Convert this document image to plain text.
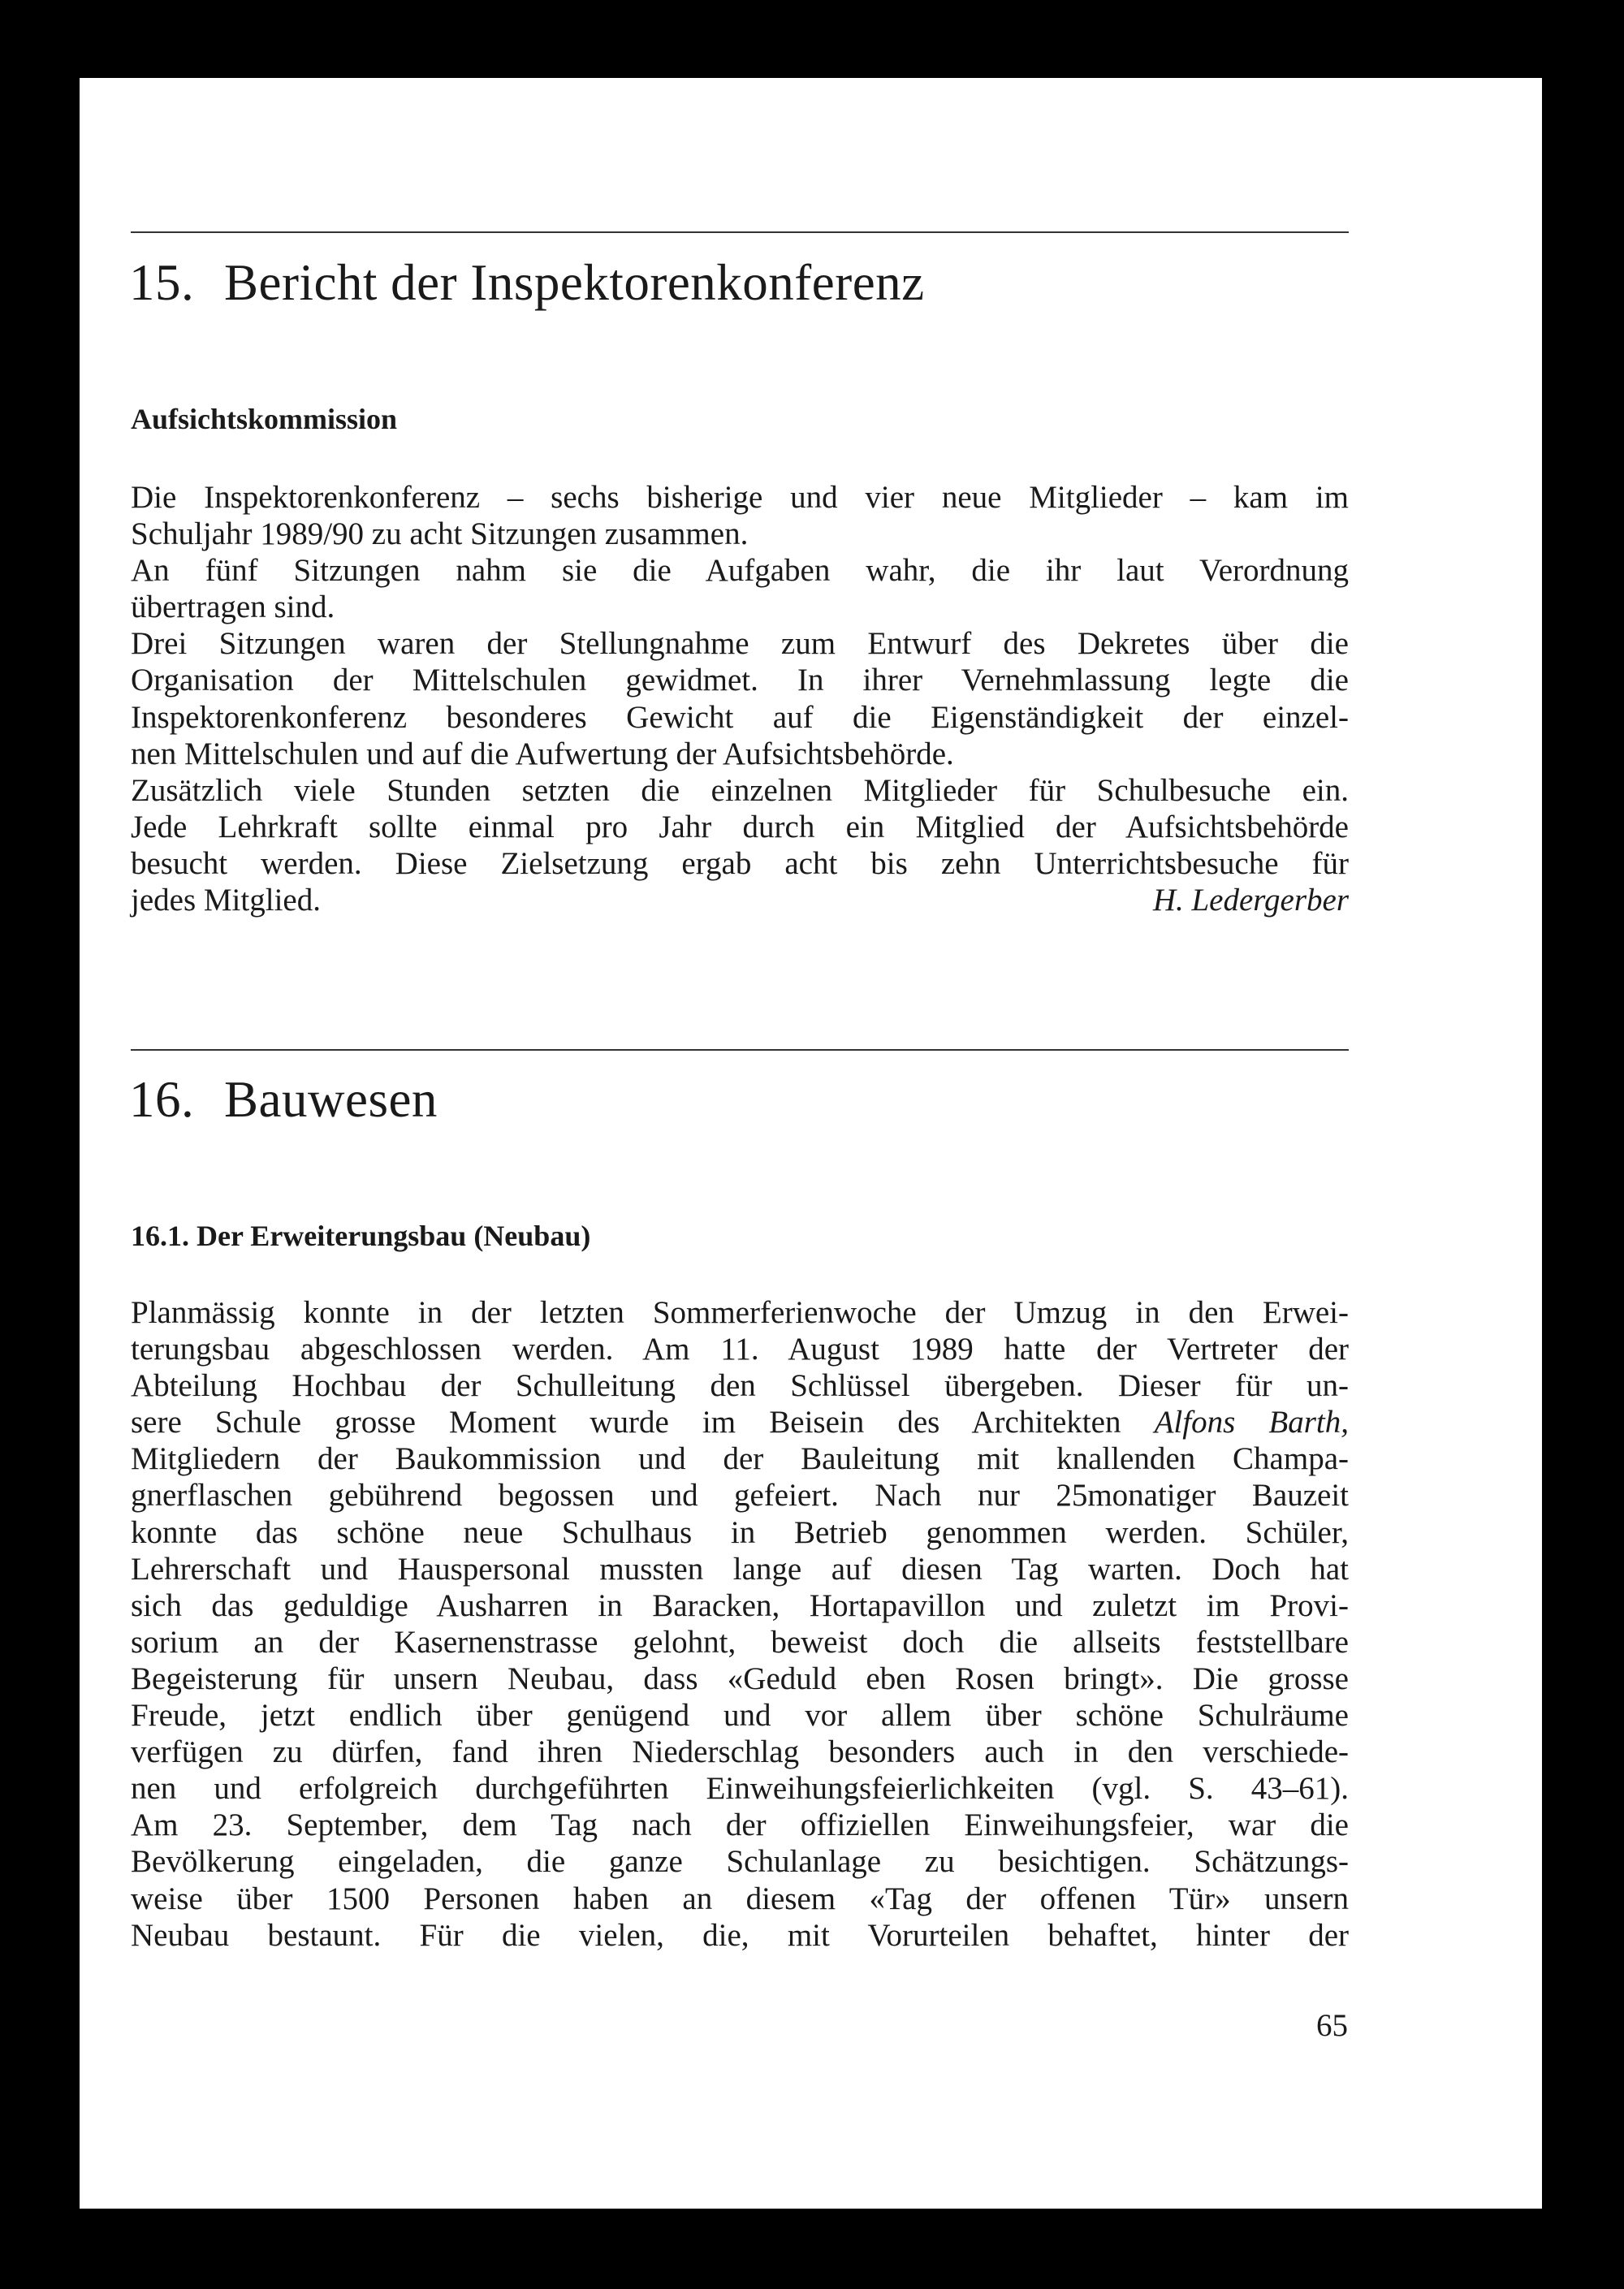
15. Bericht der Inspektorenkonferenz
Aufsichtskommission
Die Inspektorenkonferenz – sechs bisherige und vier neue Mitglieder – kam im
Schuljahr 1989/90 zu acht Sitzungen zusammen.
An fünf Sitzungen nahm sie die Aufgaben wahr, die ihr laut Verordnung
übertragen sind.
Drei Sitzungen waren der Stellungnahme zum Entwurf des Dekretes über die
Organisation der Mittelschulen gewidmet. In ihrer Vernehmlassung legte die
Inspektorenkonferenz besonderes Gewicht auf die Eigenständigkeit der einzel-
nen Mittelschulen und auf die Aufwertung der Aufsichtsbehörde.
Zusätzlich viele Stunden setzten die einzelnen Mitglieder für Schulbesuche ein.
Jede Lehrkraft sollte einmal pro Jahr durch ein Mitglied der Aufsichtsbehörde
besucht werden. Diese Zielsetzung ergab acht bis zehn Unterrichtsbesuche für
jedes Mitglied.	H. Ledergerber
16. Bauwesen
16.1. Der Erweiterungsbau (Neubau)
Planmässig konnte in der letzten Sommerferienwoche der Umzug in den Erwei-
terungsbau abgeschlossen werden. Am 11. August 1989 hatte der Vertreter der
Abteilung Hochbau der Schulleitung den Schlüssel übergeben. Dieser für un-
sere Schule grosse Moment wurde im Beisein des Architekten Alfons Barth,
Mitgliedern der Baukommission und der Bauleitung mit knallenden Champa-
gnerflaschen gebührend begossen und gefeiert. Nach nur 25monatiger Bauzeit
konnte das schöne neue Schulhaus in Betrieb genommen werden. Schüler,
Lehrerschaft und Hauspersonal mussten lange auf diesen Tag warten. Doch hat
sich das geduldige Ausharren in Baracken, Hortapavillon und zuletzt im Provi-
sorium an der Kasernenstrasse gelohnt, beweist doch die allseits feststellbare
Begeisterung für unsern Neubau, dass «Geduld eben Rosen bringt». Die grosse
Freude, jetzt endlich über genügend und vor allem über schöne Schulräume
verfügen zu dürfen, fand ihren Niederschlag besonders auch in den verschiede-
nen und erfolgreich durchgeführten Einweihungsfeierlichkeiten (vgl. S. 43–61).
Am 23. September, dem Tag nach der offiziellen Einweihungsfeier, war die
Bevölkerung eingeladen, die ganze Schulanlage zu besichtigen. Schätzungs-
weise über 1500 Personen haben an diesem «Tag der offenen Tür» unsern
Neubau bestaunt. Für die vielen, die, mit Vorurteilen behaftet, hinter der
65
